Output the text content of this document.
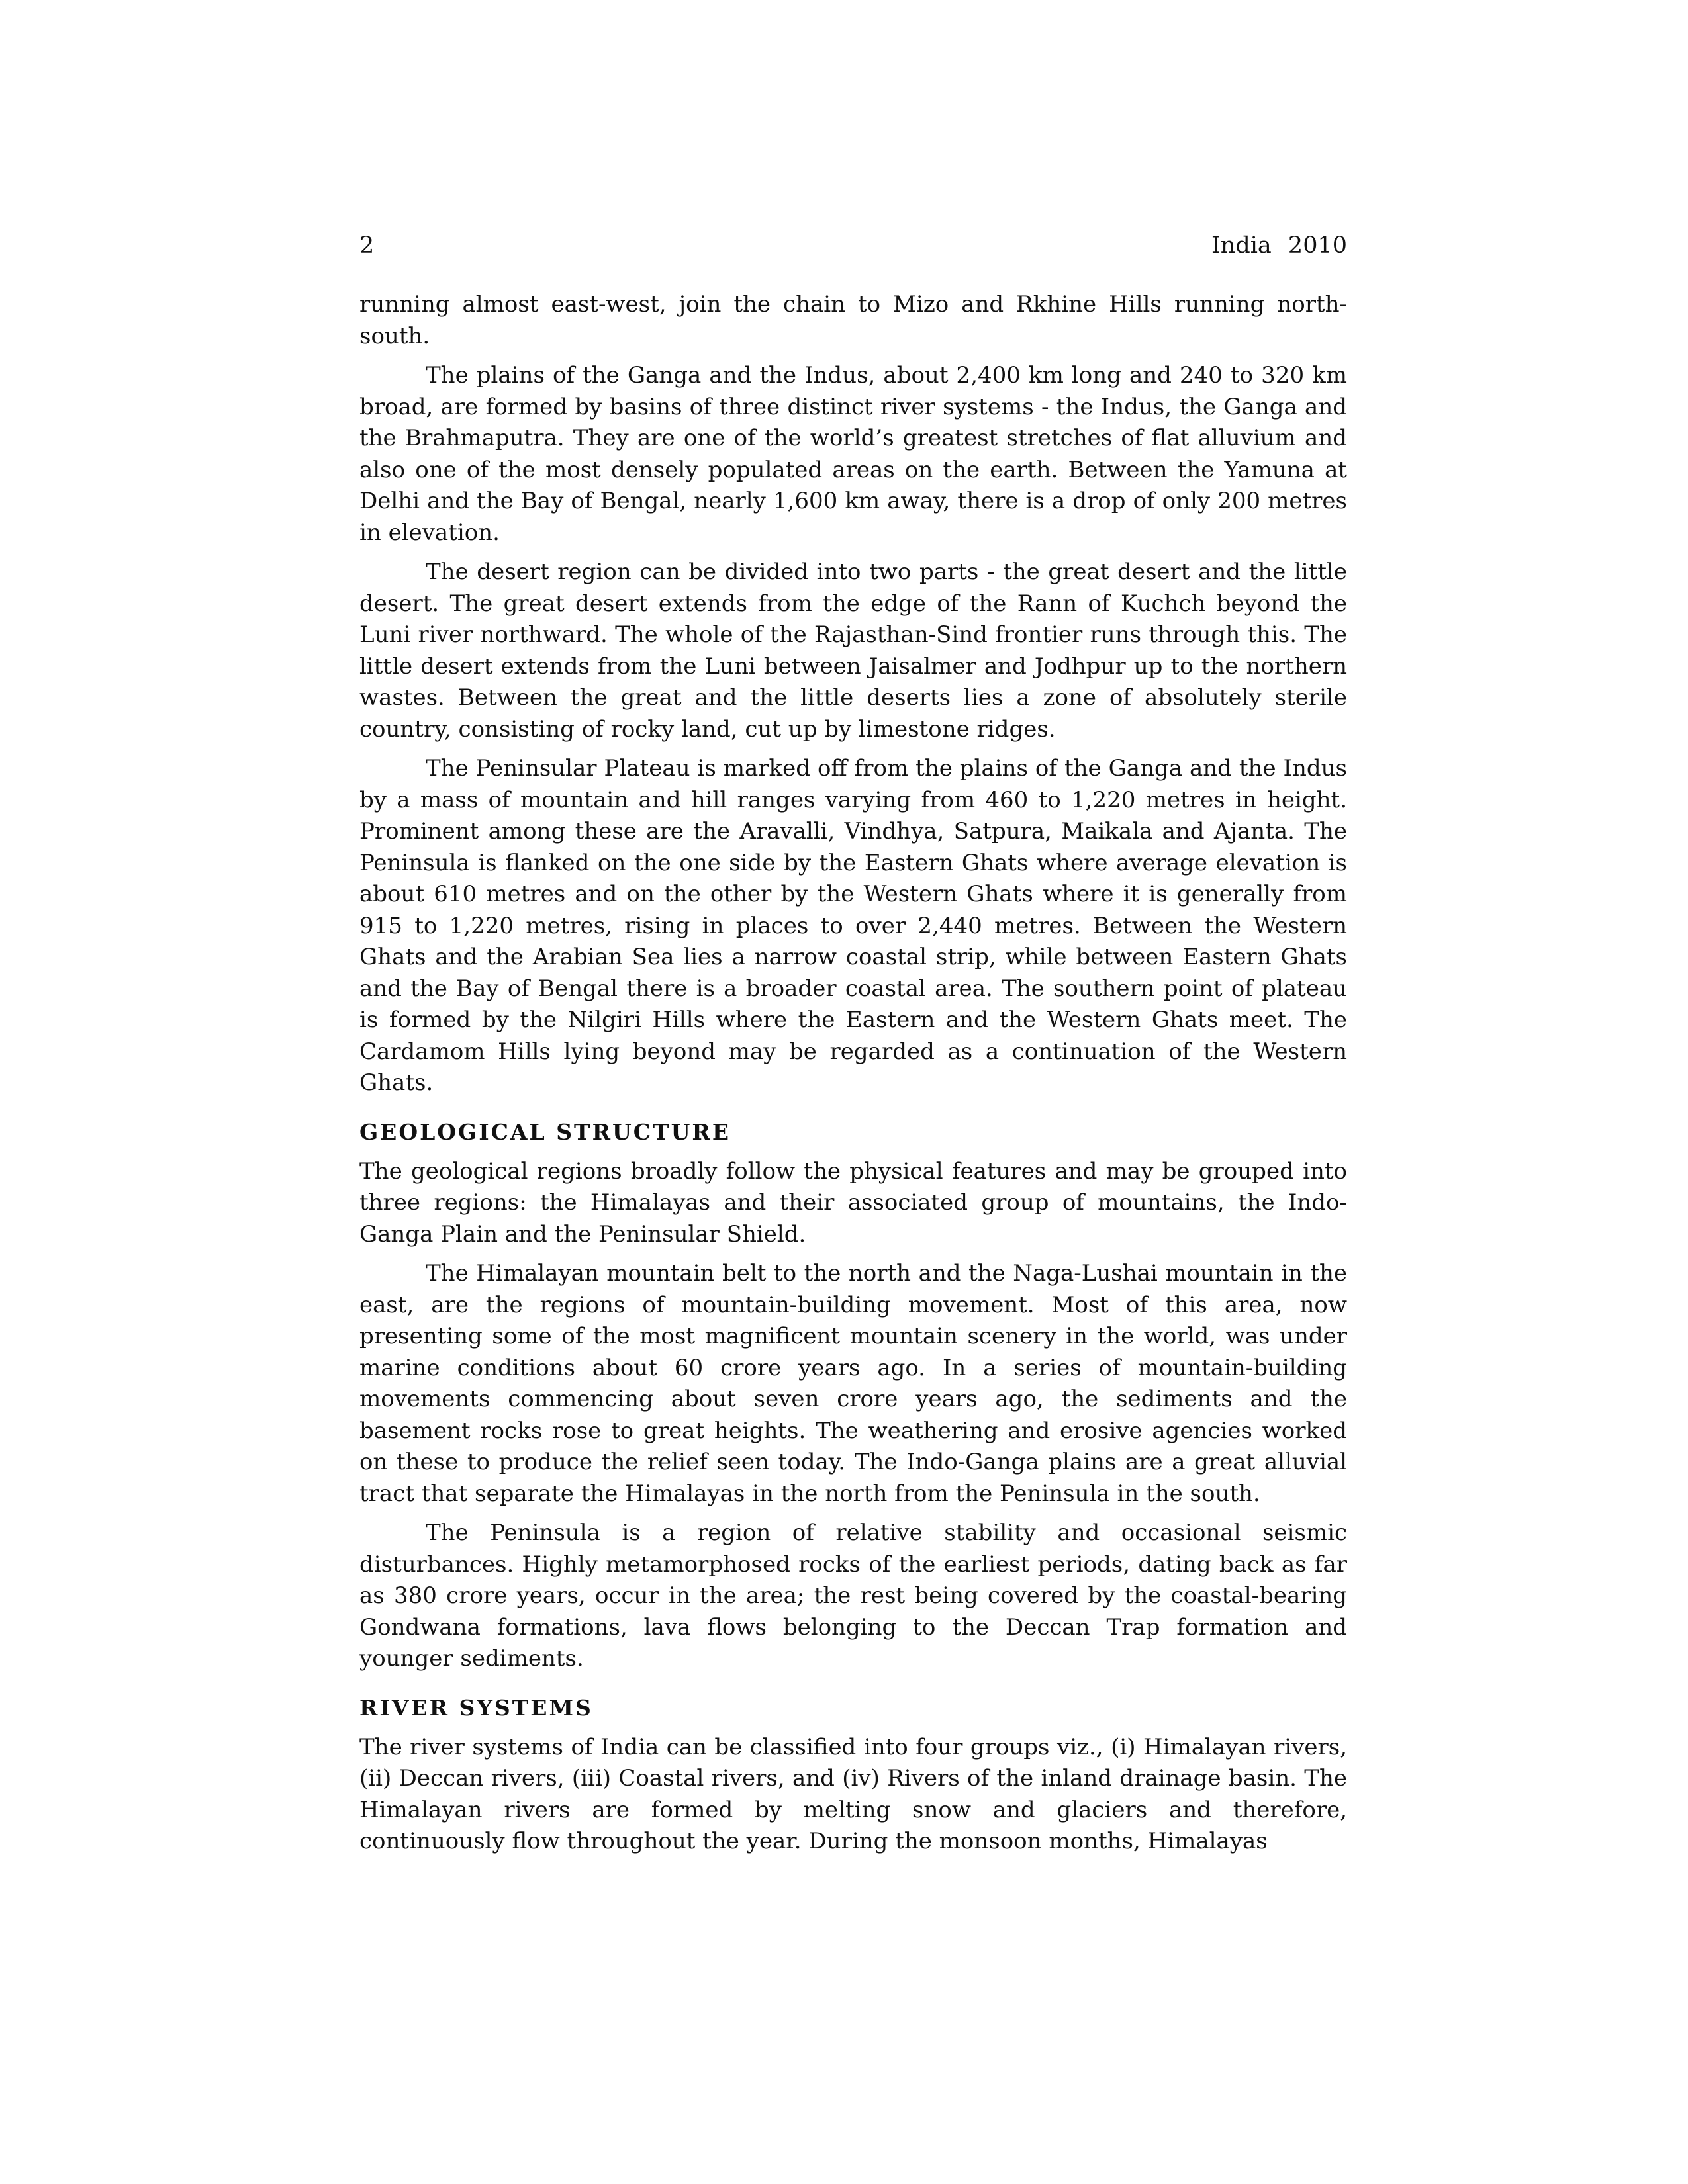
2	India 2010

running almost east-west, join the chain to Mizo and Rkhine Hills running north-south.

The plains of the Ganga and the Indus, about 2,400 km long and 240 to 320 km broad, are formed by basins of three distinct river systems - the Indus, the Ganga and the Brahmaputra. They are one of the world’s greatest stretches of flat alluvium and also one of the most densely populated areas on the earth. Between the Yamuna at Delhi and the Bay of Bengal, nearly 1,600 km away, there is a drop of only 200 metres in elevation.

The desert region can be divided into two parts - the great desert and the little desert. The great desert extends from the edge of the Rann of Kuchch beyond the Luni river northward. The whole of the Rajasthan-Sind frontier runs through this. The little desert extends from the Luni between Jaisalmer and Jodhpur up to the northern wastes. Between the great and the little deserts lies a zone of absolutely sterile country, consisting of rocky land, cut up by limestone ridges.

The Peninsular Plateau is marked off from the plains of the Ganga and the Indus by a mass of mountain and hill ranges varying from 460 to 1,220 metres in height. Prominent among these are the Aravalli, Vindhya, Satpura, Maikala and Ajanta. The Peninsula is flanked on the one side by the Eastern Ghats where average elevation is about 610 metres and on the other by the Western Ghats where it is generally from 915 to 1,220 metres, rising in places to over 2,440 metres. Between the Western Ghats and the Arabian Sea lies a narrow coastal strip, while between Eastern Ghats and the Bay of Bengal there is a broader coastal area. The southern point of plateau is formed by the Nilgiri Hills where the Eastern and the Western Ghats meet. The Cardamom Hills lying beyond may be regarded as a continuation of the Western Ghats.

GEOLOGICAL STRUCTURE

The geological regions broadly follow the physical features and may be grouped into three regions: the Himalayas and their associated group of mountains, the Indo-Ganga Plain and the Peninsular Shield.

The Himalayan mountain belt to the north and the Naga-Lushai mountain in the east, are the regions of mountain-building movement. Most of this area, now presenting some of the most magnificent mountain scenery in the world, was under marine conditions about 60 crore years ago. In a series of mountain-building movements commencing about seven crore years ago, the sediments and the basement rocks rose to great heights. The weathering and erosive agencies worked on these to produce the relief seen today. The Indo-Ganga plains are a great alluvial tract that separate the Himalayas in the north from the Peninsula in the south.

The Peninsula is a region of relative stability and occasional seismic disturbances. Highly metamorphosed rocks of the earliest periods, dating back as far as 380 crore years, occur in the area; the rest being covered by the coastal-bearing Gondwana formations, lava flows belonging to the Deccan Trap formation and younger sediments.

RIVER SYSTEMS

The river systems of India can be classified into four groups viz., (i) Himalayan rivers, (ii) Deccan rivers, (iii) Coastal rivers, and (iv) Rivers of the inland drainage basin. The Himalayan rivers are formed by melting snow and glaciers and therefore, continuously flow throughout the year. During the monsoon months, Himalayas
